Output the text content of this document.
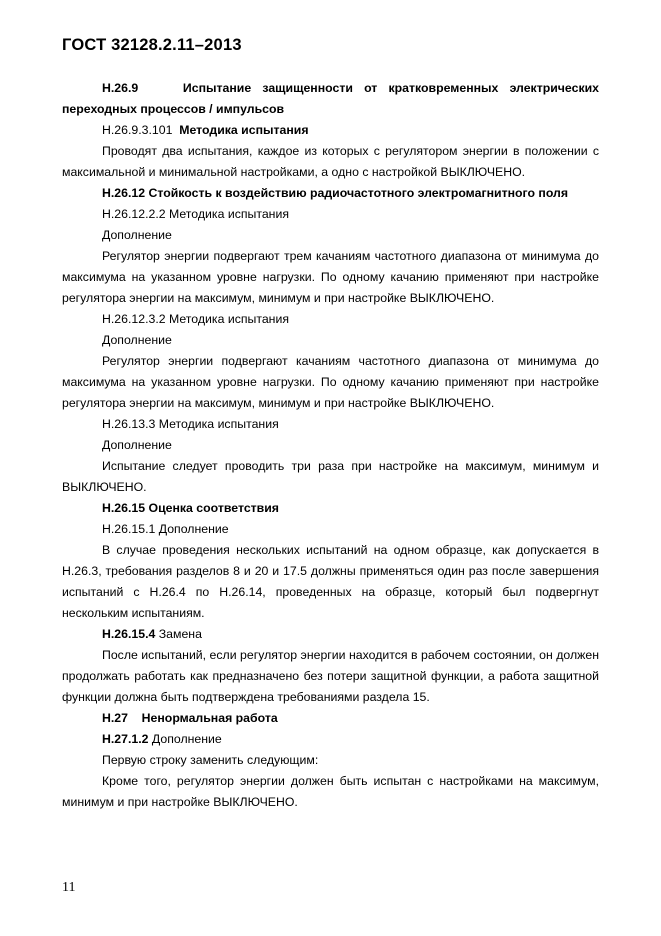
ГОСТ 32128.2.11–2013

Н.26.9	Испытание защищенности от кратковременных электрических переходных процессов / импульсов

Н.26.9.3.101 Методика испытания

Проводят два испытания, каждое из которых с регулятором энергии в положении с максимальной и минимальной настройками, а одно с настройкой ВЫКЛЮЧЕНО.

Н.26.12 Стойкость к воздействию радиочастотного электромагнитного поля

Н.26.12.2.2 Методика испытания

Дополнение

Регулятор энергии подвергают трем качаниям частотного диапазона от минимума до максимума на указанном уровне нагрузки. По одному качанию применяют при настройке регулятора энергии на максимум, минимум и при настройке ВЫКЛЮЧЕНО.

Н.26.12.3.2 Методика испытания

Дополнение

Регулятор энергии подвергают качаниям частотного диапазона от минимума до максимума на указанном уровне нагрузки. По одному качанию применяют при настройке регулятора энергии на максимум, минимум и при настройке ВЫКЛЮЧЕНО.

Н.26.13.3 Методика испытания

Дополнение

Испытание следует проводить три раза при настройке на максимум, минимум и ВЫКЛЮЧЕНО.

Н.26.15 Оценка соответствия

Н.26.15.1 Дополнение

В случае проведения нескольких испытаний на одном образце, как допускается в Н.26.3, требования разделов 8 и 20 и 17.5 должны применяться один раз после завершения испытаний с Н.26.4 по Н.26.14, проведенных на образце, который был подвергнут нескольким испытаниям.

Н.26.15.4 Замена

После испытаний, если регулятор энергии находится в рабочем состоянии, он должен продолжать работать как предназначено без потери защитной функции, а работа защитной функции должна быть подтверждена требованиями раздела 15.

Н.27 Ненормальная работа

Н.27.1.2 Дополнение

Первую строку заменить следующим:

Кроме того, регулятор энергии должен быть испытан с настройками на максимум, минимум и при настройке ВЫКЛЮЧЕНО.

11
